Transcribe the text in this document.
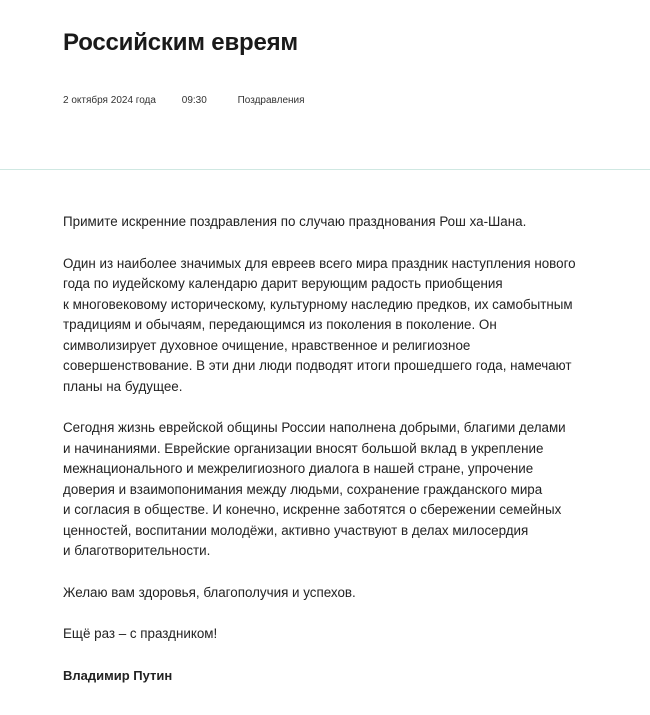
Российским евреям
2 октября 2024 года	09:30	Поздравления

Примите искренние поздравления по случаю празднования Рош ха-Шана.

Один из наиболее значимых для евреев всего мира праздник наступления нового
года по иудейскому календарю дарит верующим радость приобщения
к многовековому историческому, культурному наследию предков, их самобытным
традициям и обычаям, передающимся из поколения в поколение. Он
символизирует духовное очищение, нравственное и религиозное
совершенствование. В эти дни люди подводят итоги прошедшего года, намечают
планы на будущее.

Сегодня жизнь еврейской общины России наполнена добрыми, благими делами
и начинаниями. Еврейские организации вносят большой вклад в укрепление
межнационального и межрелигиозного диалога в нашей стране, упрочение
доверия и взаимопонимания между людьми, сохранение гражданского мира
и согласия в обществе. И конечно, искренне заботятся о сбережении семейных
ценностей, воспитании молодёжи, активно участвуют в делах милосердия
и благотворительности.

Желаю вам здоровья, благополучия и успехов.

Ещё раз – с праздником!

Владимир Путин
